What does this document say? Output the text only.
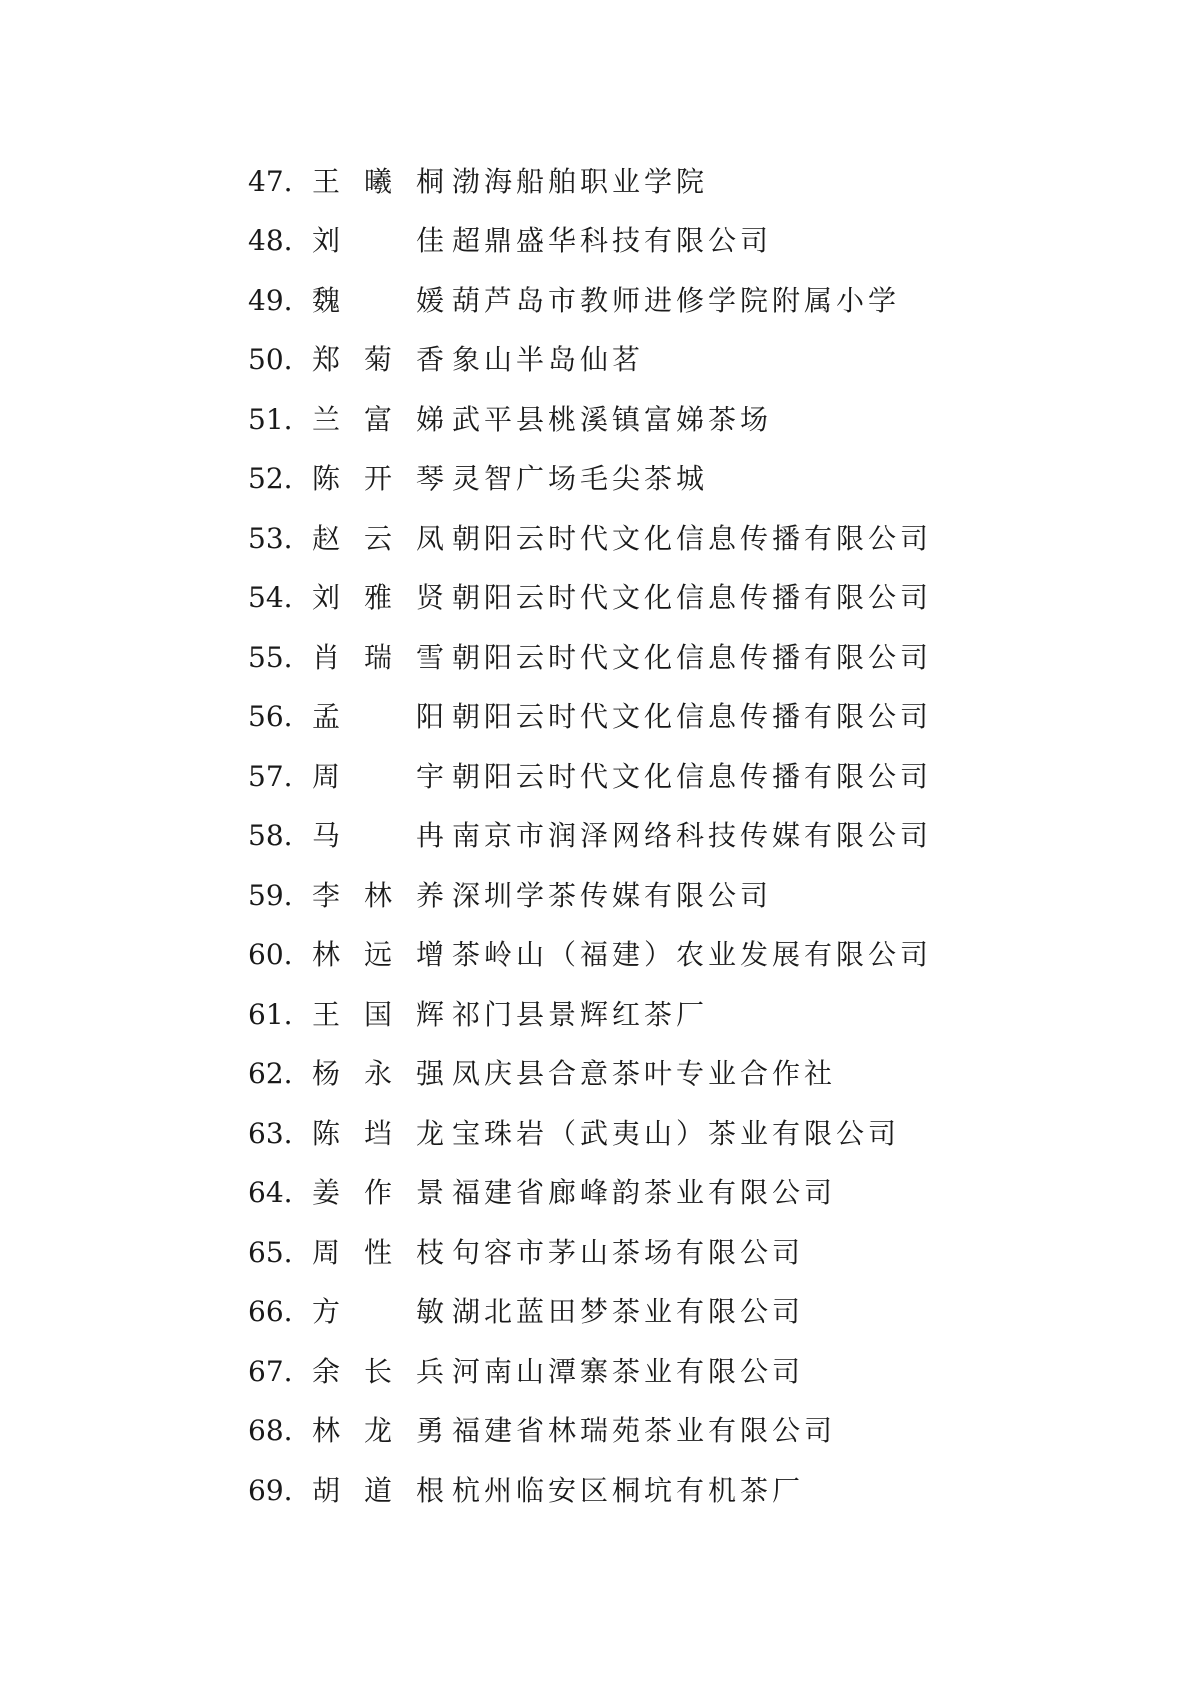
47. 王曦桐 渤海船舶职业学院
48. 刘　佳 超鼎盛华科技有限公司
49. 魏　媛 葫芦岛市教师进修学院附属小学
50. 郑菊香 象山半岛仙茗
51. 兰富娣 武平县桃溪镇富娣茶场
52. 陈开琴 灵智广场毛尖茶城
53. 赵云凤 朝阳云时代文化信息传播有限公司
54. 刘雅贤 朝阳云时代文化信息传播有限公司
55. 肖瑞雪 朝阳云时代文化信息传播有限公司
56. 孟　阳 朝阳云时代文化信息传播有限公司
57. 周　宇 朝阳云时代文化信息传播有限公司
58. 马　冉 南京市润泽网络科技传媒有限公司
59. 李林养 深圳学茶传媒有限公司
60. 林远增 茶岭山（福建）农业发展有限公司
61. 王国辉 祁门县景辉红茶厂
62. 杨永强 凤庆县合意茶叶专业合作社
63. 陈垱龙 宝珠岩（武夷山）茶业有限公司
64. 姜作景 福建省廊峰韵茶业有限公司
65. 周性枝 句容市茅山茶场有限公司
66. 方　敏 湖北蓝田梦茶业有限公司
67. 余长兵 河南山潭寨茶业有限公司
68. 林龙勇 福建省林瑞苑茶业有限公司
69. 胡道根 杭州临安区桐坑有机茶厂
